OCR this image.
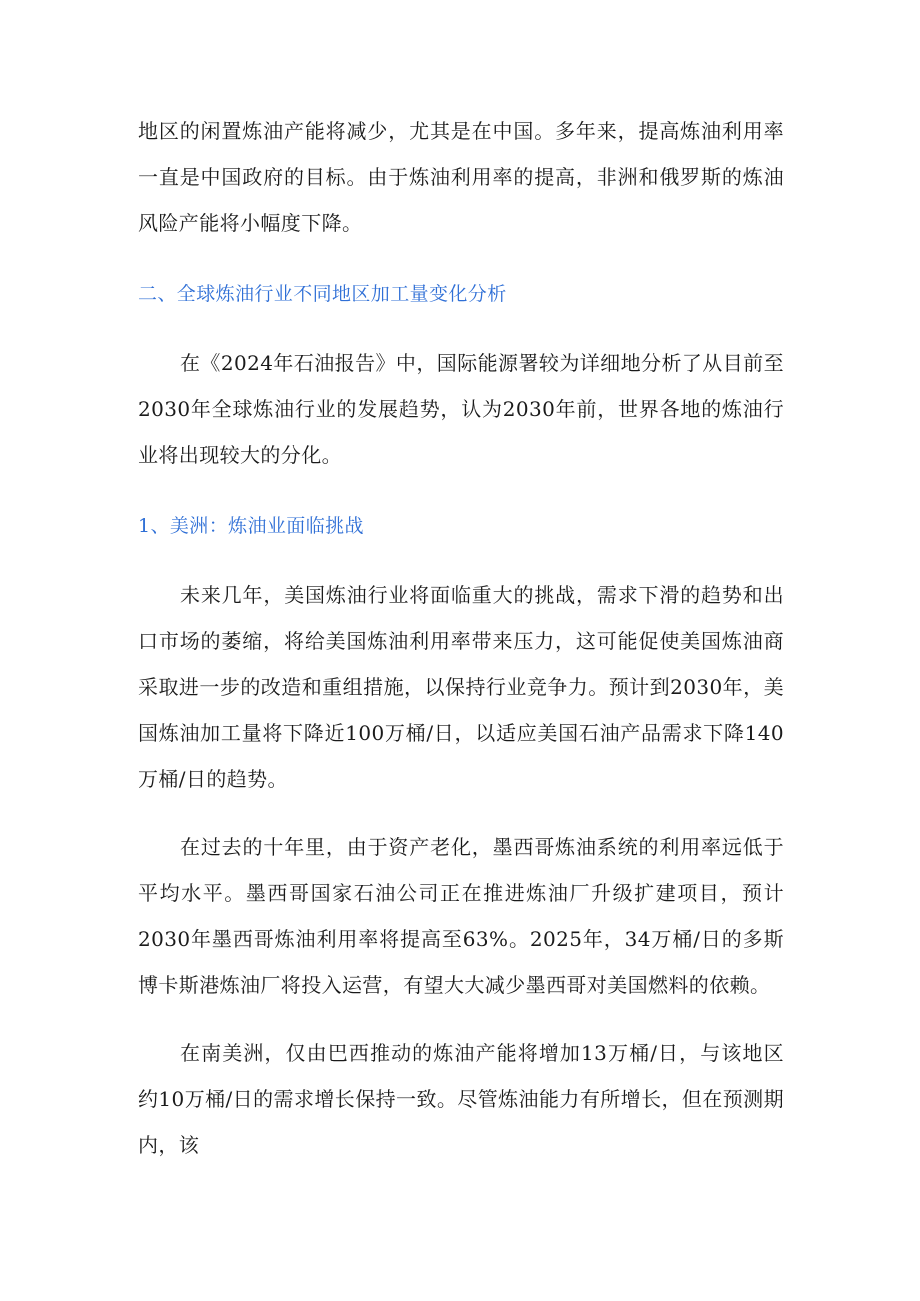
地区的闲置炼油产能将减少，尤其是在中国。多年来，提高炼油利用率一直是中国政府的目标。由于炼油利用率的提高，非洲和俄罗斯的炼油风险产能将小幅度下降。

二、全球炼油行业不同地区加工量变化分析

在《2024年石油报告》中，国际能源署较为详细地分析了从目前至2030年全球炼油行业的发展趋势，认为2030年前，世界各地的炼油行业将出现较大的分化。

1、美洲：炼油业面临挑战

未来几年，美国炼油行业将面临重大的挑战，需求下滑的趋势和出口市场的萎缩，将给美国炼油利用率带来压力，这可能促使美国炼油商采取进一步的改造和重组措施，以保持行业竞争力。预计到2030年，美国炼油加工量将下降近100万桶/日，以适应美国石油产品需求下降140万桶/日的趋势。

在过去的十年里，由于资产老化，墨西哥炼油系统的利用率远低于平均水平。墨西哥国家石油公司正在推进炼油厂升级扩建项目，预计2030年墨西哥炼油利用率将提高至63%。2025年，34万桶/日的多斯博卡斯港炼油厂将投入运营，有望大大减少墨西哥对美国燃料的依赖。

在南美洲，仅由巴西推动的炼油产能将增加13万桶/日，与该地区约10万桶/日的需求增长保持一致。尽管炼油能力有所增长，但在预测期内，该
